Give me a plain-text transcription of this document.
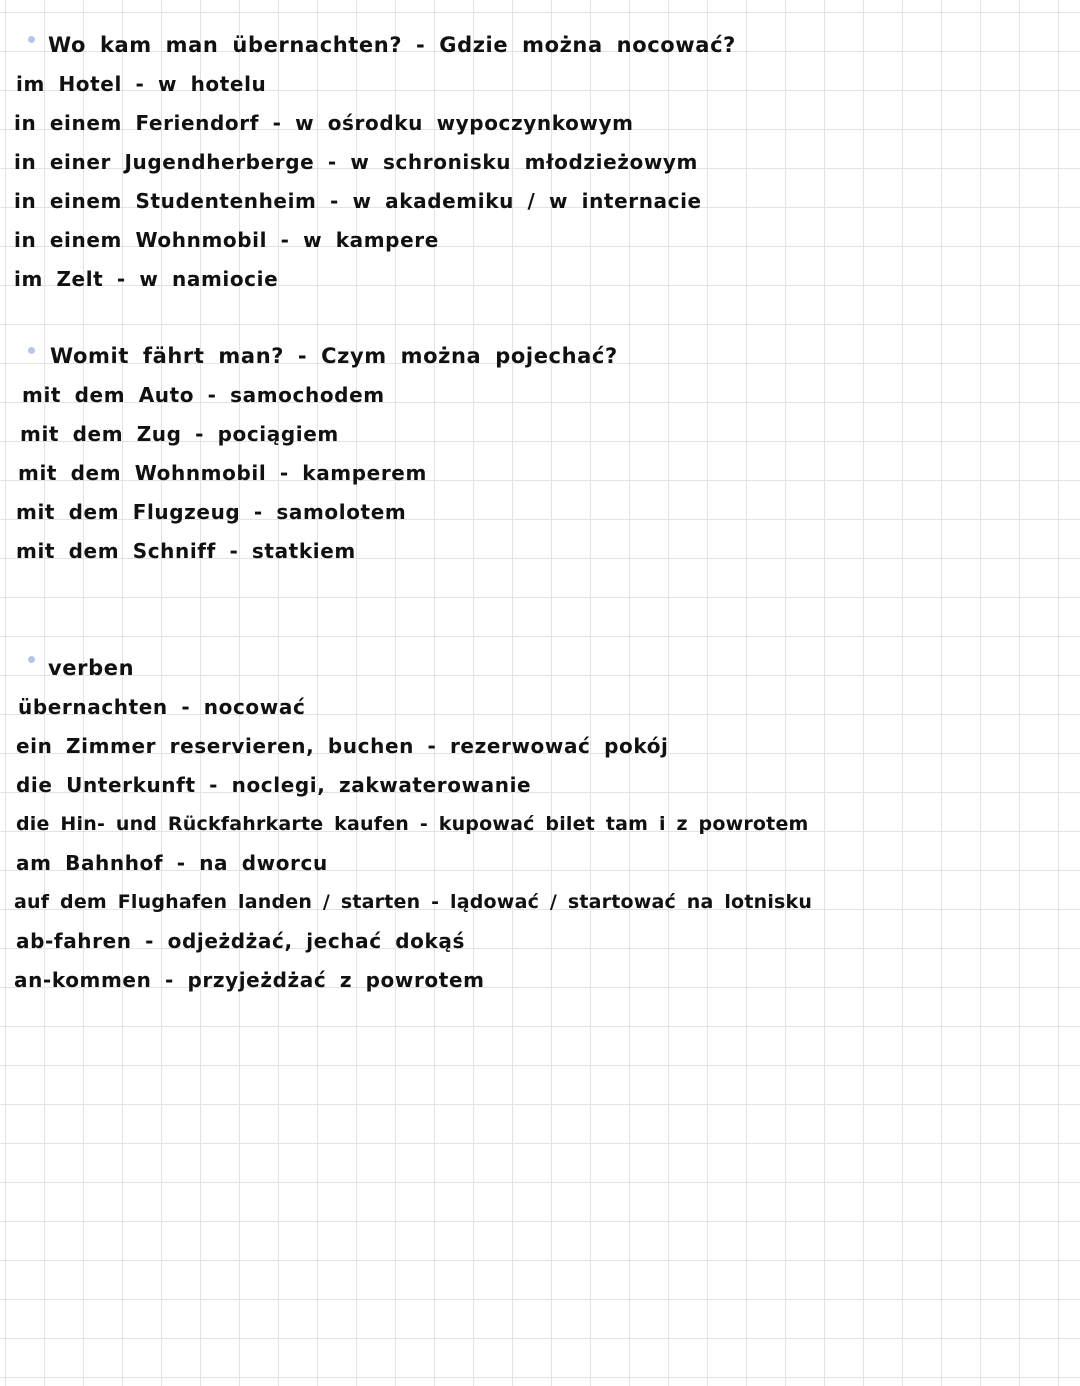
Wo kam man übernachten? - Gdzie można nocować?
im Hotel - w hotelu
in einem Feriendorf - w ośrodku wypoczynkowym
in einer Jugendherberge - w schronisku młodzieżowym
in einem Studentenheim - w akademiku / w internacie
in einem Wohnmobil - w kampere
im Zelt - w namiocie
Womit fährt man? - Czym można pojechać?
mit dem Auto - samochodem
mit dem Zug - pociągiem
mit dem Wohnmobil - kamperem
mit dem Flugzeug - samolotem
mit dem Schniff - statkiem
verben
übernachten - nocować
ein Zimmer reservieren, buchen - rezerwować pokój
die Unterkunft - noclegi, zakwaterowanie
die Hin- und Rückfahrkarte kaufen - kupować bilet tam i z powrotem
am Bahnhof - na dworcu
auf dem Flughafen landen / starten - lądować / startować na lotnisku
ab-fahren - odjeżdżać, jechać dokąś
an-kommen - przyjeżdżać z powrotem
